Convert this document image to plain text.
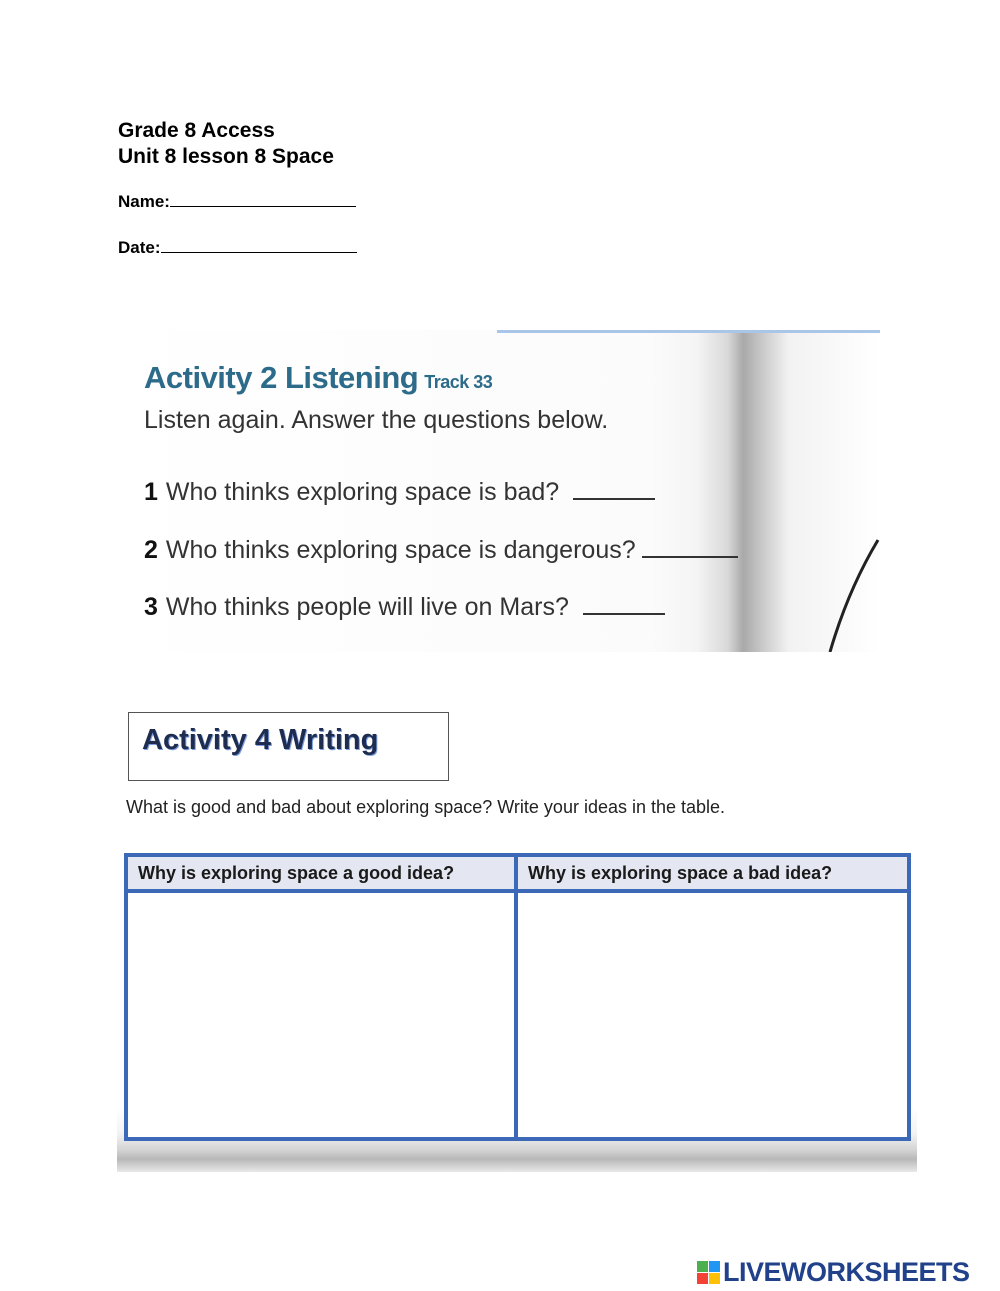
Grade 8 Access
Unit 8 lesson 8 Space
Name:
Date:
Activity 2 Listening Track 33
Listen again. Answer the questions below.
1 Who thinks exploring space is bad?
2 Who thinks exploring space is dangerous?
3 Who thinks people will live on Mars?
Activity 4 Writing
What is good and bad about exploring space? Write your ideas in the table.
Why is exploring space a good idea?	Why is exploring space a bad idea?
LIVEWORKSHEETS
